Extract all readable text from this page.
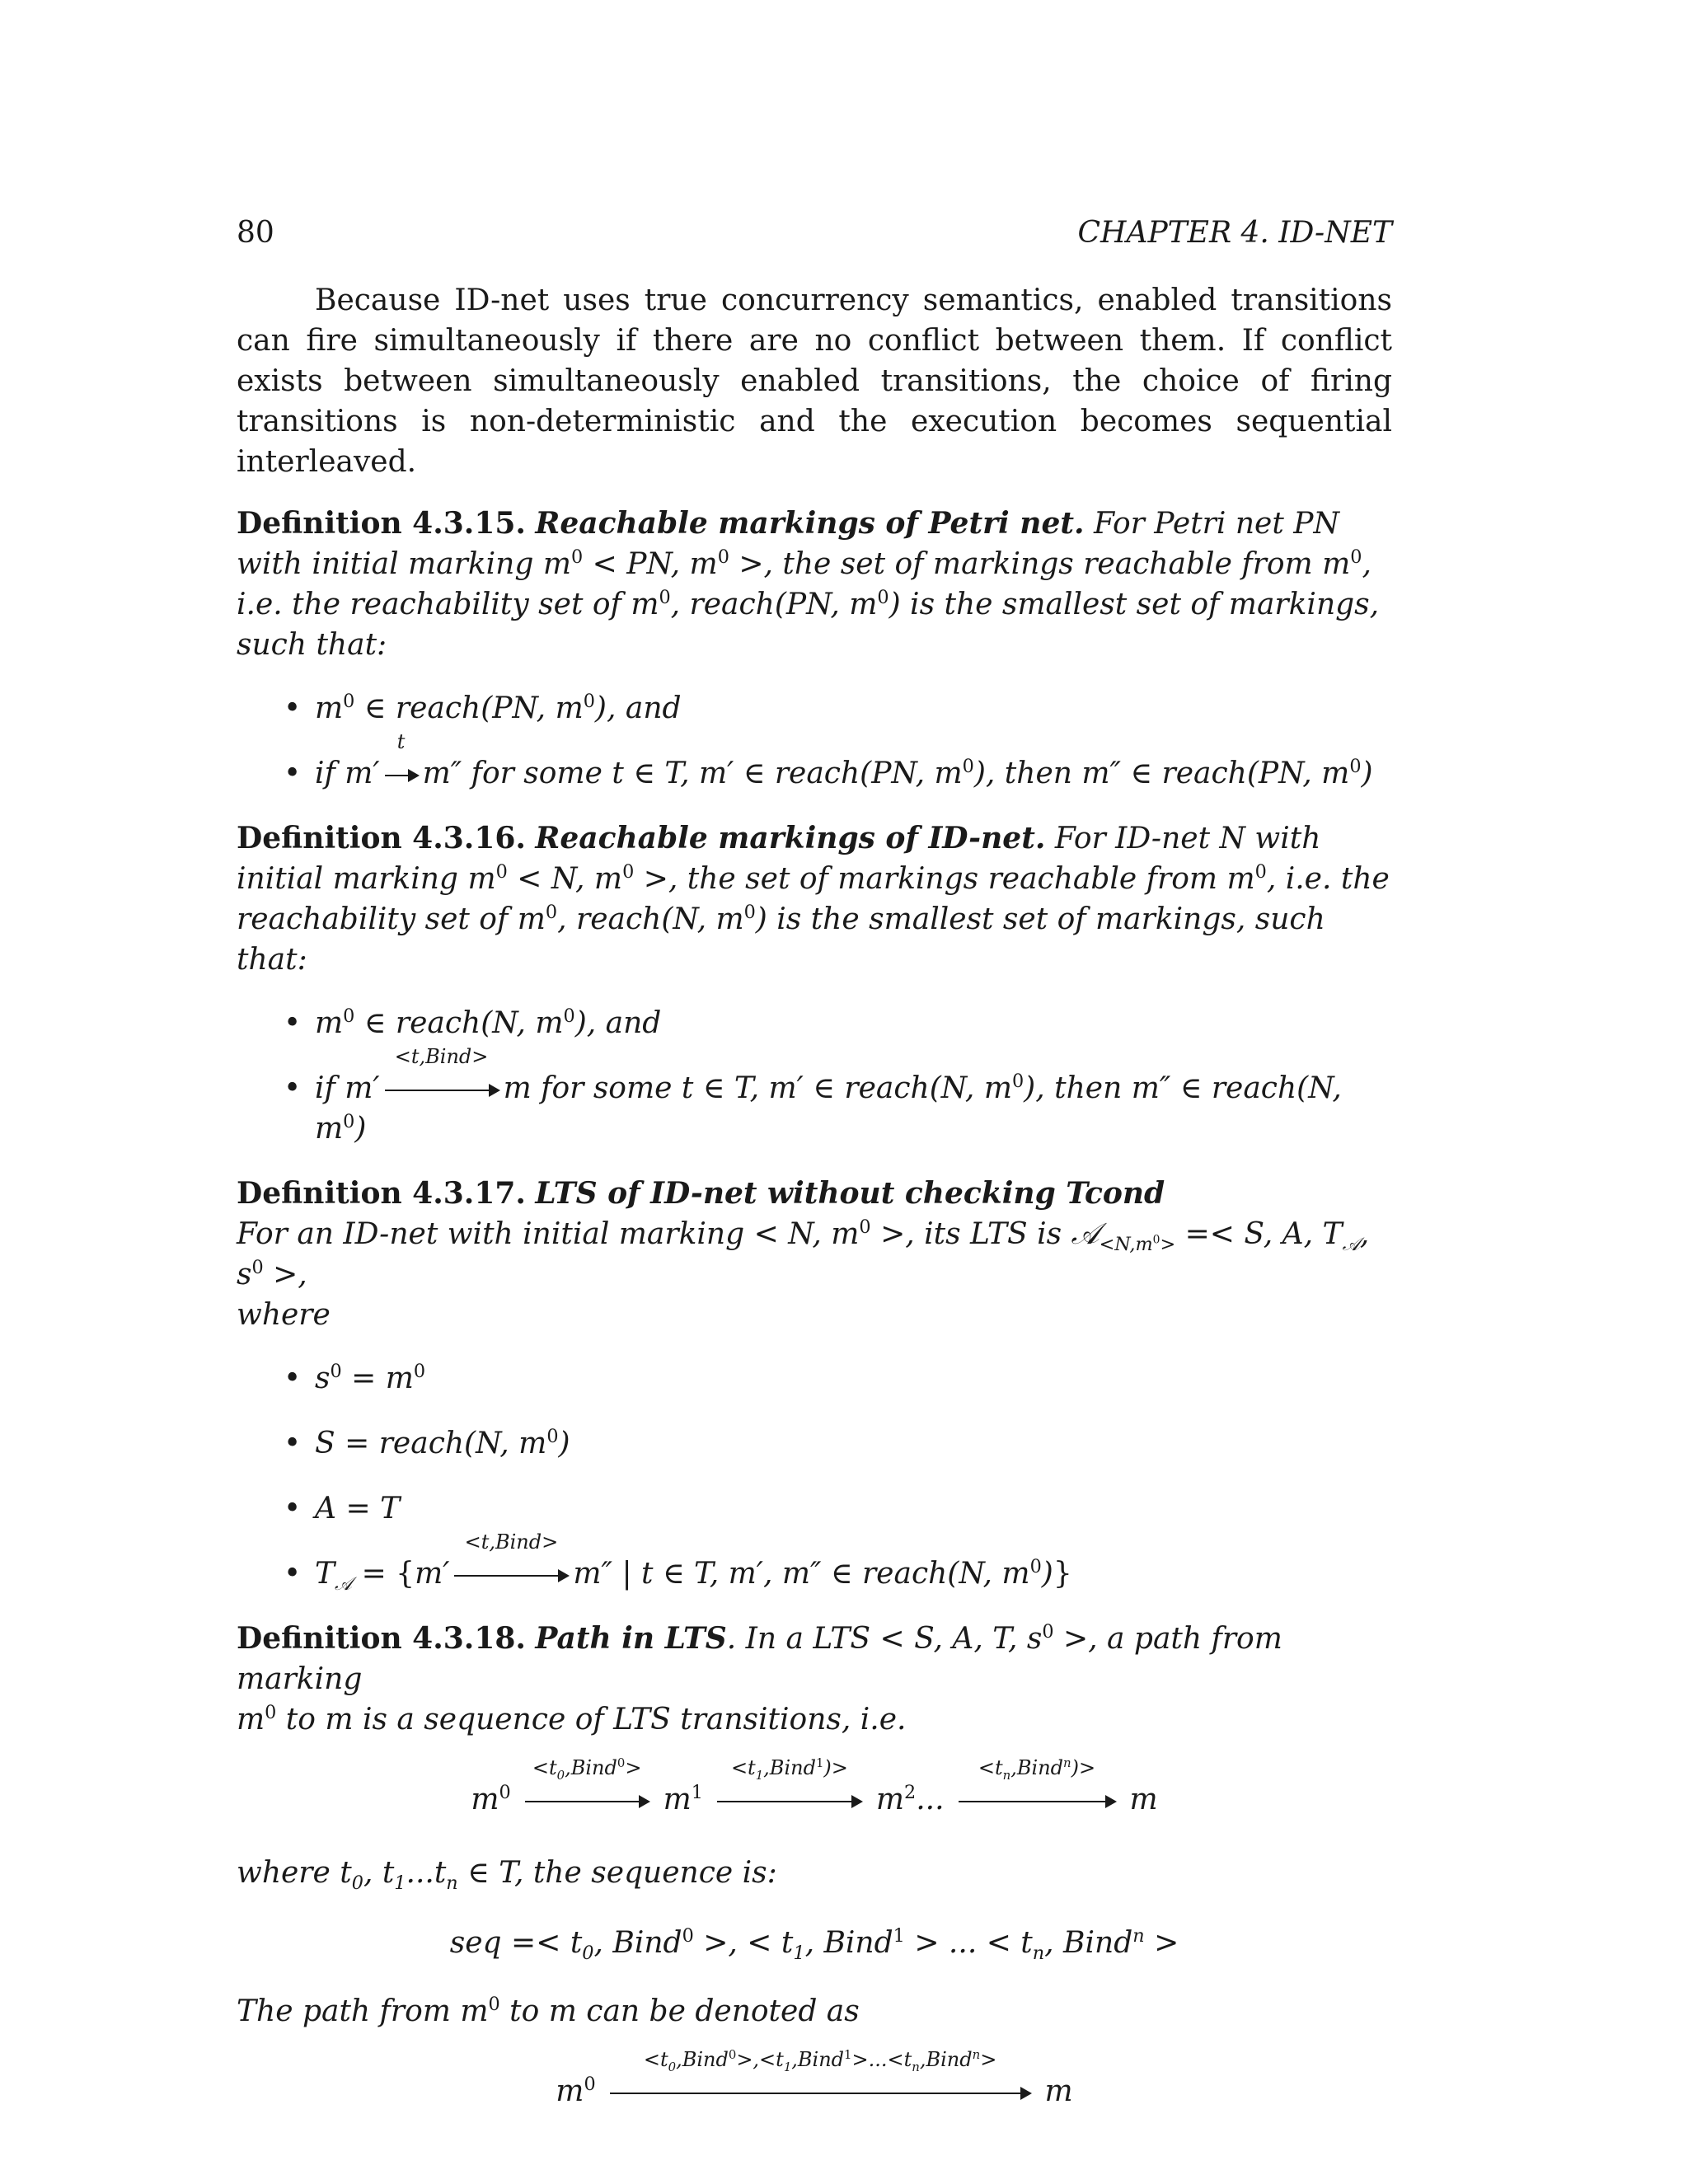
80	CHAPTER 4. ID-NET

Because ID-net uses true concurrency semantics, enabled transitions can fire simultaneously if there are no conflict between them. If conflict exists between simultaneously enabled transitions, the choice of firing transitions is non-deterministic and the execution becomes sequential interleaved.

Definition 4.3.15. Reachable markings of Petri net. For Petri net PN with initial marking $m^0$ < PN, $m^0$ >, the set of markings reachable from $m^0$, i.e. the reachability set of $m^0$, reach(PN, $m^0$) is the smallest set of markings, such that:
• $m^0$ ∈ reach(PN, $m^0$), and
• if m′
t
m″ for some t ∈ T, m′ ∈ reach(PN, $m^0$), then m″ ∈ reach(PN, $m^0$)
Definition 4.3.16. Reachable markings of ID-net. For ID-net N with initial marking $m^0 < N$, $m^0$ >, the set of markings reachable from $m^0$, i.e. the reachability set of $m^0$, reach(N, $m^0$) is the smallest set of markings, such that:
• $m^0$ ∈ reach(N, $m^0$), and
• if m′
<t,Bind>
m for some t ∈ T, m′ ∈ reach(N, $m^0$), then m″ ∈ reach(N, $m^0$)
Definition 4.3.17. LTS of ID-net without checking Tcond
For an ID-net with initial marking < N, $m^0$ >, its LTS is 𝒜$_{<N,m^0>}$ =< S, A, $T_𝒜$, $s^0$ >,
where
• $s^0 = m^0$
• S = reach(N, $m^0$)
• A = T
• $T_𝒜 = \{m'$
<t,Bind>
m″ | t ∈ T, m′, m″ ∈ reach(N, $m^0$)}
Definition 4.3.18. Path in LTS. In a LTS < S, A, T, $s^0$ >, a path from marking
$m^0$ to m is a sequence of LTS transitions, i.e.
$m^0$
$<t_0,Bind^0>$
$m^1$
$<t_1,Bind^1)>$
$m^2$...
$<t_n,Bind^n)>$
m
where $t_0$, $t_1...t_n$ ∈ T, the sequence is:
seq =< $t_0$, Bind$^0$ >, < $t_1$, Bind$^1$ > ... < $t_n$, Bind$^n$ >
The path from $m^0$ to m can be denoted as
$m^0$
$<t_0,Bind^0>,<t_1,Bind^1>...<t_n,Bind^n>$
m
